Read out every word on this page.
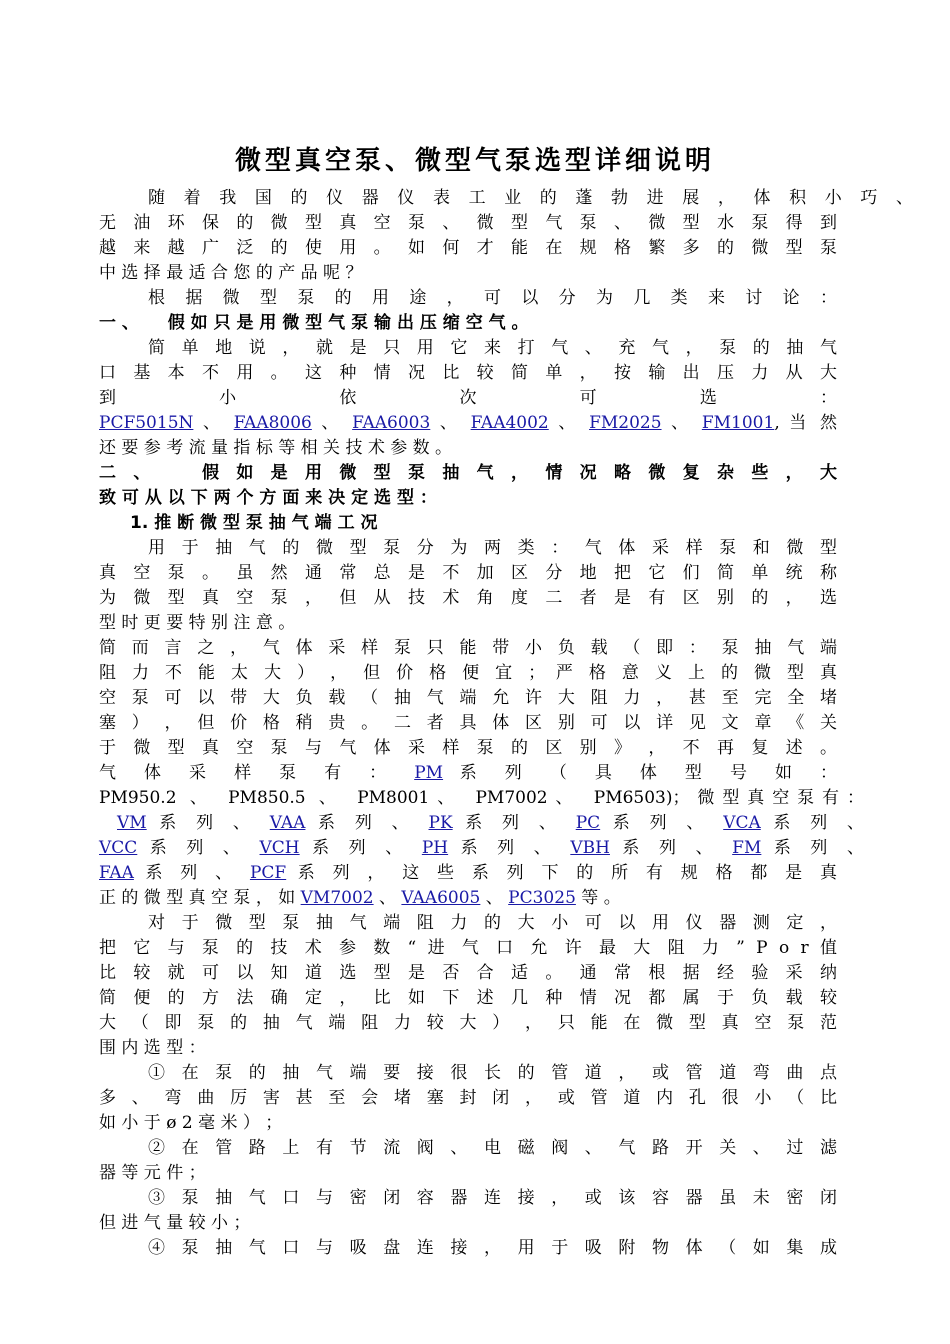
微型真空泵、微型气泵选型详细说明
随 着 我 国 的 仪 器 仪 表 工 业 的 蓬 勃 进 展 ， 体 积 小 巧 、
无 油 环 保 的 微 型 真 空 泵 、 微 型 气 泵 、 微 型 水 泵 得 到
越 来 越 广 泛 的 使 用 。 如 何 才 能 在 规 格 繁 多 的 微 型 泵
中 选 择 最 适 合 您 的 产 品 呢 ？
根 据 微 型 泵 的 用 途 ， 可 以 分 为 几 类 来 讨 论 ：
一 、 　 假 如 只 是 用 微 型 气 泵 输 出 压 缩 空 气 。
简 单 地 说 ， 就 是 只 用 它 来 打 气 、 充 气 ， 泵 的 抽 气
口 基 本 不 用 。 这 种 情 况 比 较 简 单 ， 按 输 出 压 力 从 大
到 　 小 　 依 　 次 　 可 　 选 　 ：
PCF5015N 、 FAA8006 、 FAA6003 、 FAA4002 、 FM2025 、 FM1001, 当 然
还 要 参 考 流 量 指 标 等 相 关 技 术 参 数 。
二 、 　 假 如 是 用 微 型 泵 抽 气 ， 情 况 略 微 复 杂 些 ， 大
致 可 从 以 下 两 个 方 面 来 决 定 选 型 ：
用 于 抽 气 的 微 型 泵 分 为 两 类 ： 气 体 采 样 泵 和 微 型
真 空 泵 。 虽 然 通 常 总 是 不 加 区 分 地 把 它 们 简 单 统 称
为 微 型 真 空 泵 ， 但 从 技 术 角 度 二 者 是 有 区 别 的 ， 选
型 时 更 要 特 别 注 意 。
简 而 言 之 ， 气 体 采 样 泵 只 能 带 小 负 载 （ 即 ： 泵 抽 气 端
阻 力 不 能 太 大 ） ， 但 价 格 便 宜 ； 严 格 意 义 上 的 微 型 真
空 泵 可 以 带 大 负 载 （ 抽 气 端 允 许 大 阻 力 ， 甚 至 完 全 堵
塞 ） ， 但 价 格 稍 贵 。 二 者 具 体 区 别 可 以 详 见 文 章 《 关
于 微 型 真 空 泵 与 气 体 采 样 泵 的 区 别 》 ， 不 再 复 述 。
1. 推 断 微 型 泵 抽 气 端 工 况
气 体 采 样 泵 有 ： PM 系 列 （ 具 体 型 号 如 ：
PM950.2 、 PM850.5 、 PM8001、 PM7002、 PM6503)；微型真空泵有：
VM 系 列 、 VAA 系 列 、 PK 系 列 、 PC 系 列 、 VCA 系 列 、
VCC 系 列 、 VCH 系 列 、 PH 系 列 、 VBH 系 列 、 FM 系 列 、
FAA 系 列 、 PCF 系 列 ， 这 些 系 列 下 的 所 有 规 格 都 是 真
正 的 微 型 真 空 泵 ， 如 VM7002 、 VAA6005 、 PC3025 等 。
对 于 微 型 泵 抽 气 端 阻 力 的 大 小 可 以 用 仪 器 测 定 ，
把 它 与 泵 的 技 术 参 数 “ 进 气 口 允 许 最 大 阻 力 ” P o r 值
比 较 就 可 以 知 道 选 型 是 否 合 适 。 通 常 根 据 经 验 采 纳
简 便 的 方 法 确 定 ， 比 如 下 述 几 种 情 况 都 属 于 负 载 较
大 （ 即 泵 的 抽 气 端 阻 力 较 大 ） ， 只 能 在 微 型 真 空 泵 范
围 内 选 型 ：
① 在 泵 的 抽 气 端 要 接 很 长 的 管 道 ， 或 管 道 弯 曲 点
多 、 弯 曲 厉 害 甚 至 会 堵 塞 封 闭 ， 或 管 道 内 孔 很 小 （ 比
如 小 于 ø 2 毫 米 ） ；
② 在 管 路 上 有 节 流 阀 、 电 磁 阀 、 气 路 开 关 、 过 滤
器 等 元 件 ；
③ 泵 抽 气 口 与 密 闭 容 器 连 接 ， 或 该 容 器 虽 未 密 闭
但 进 气 量 较 小 ；
④ 泵 抽 气 口 与 吸 盘 连 接 ， 用 于 吸 附 物 体 （ 如 集 成
